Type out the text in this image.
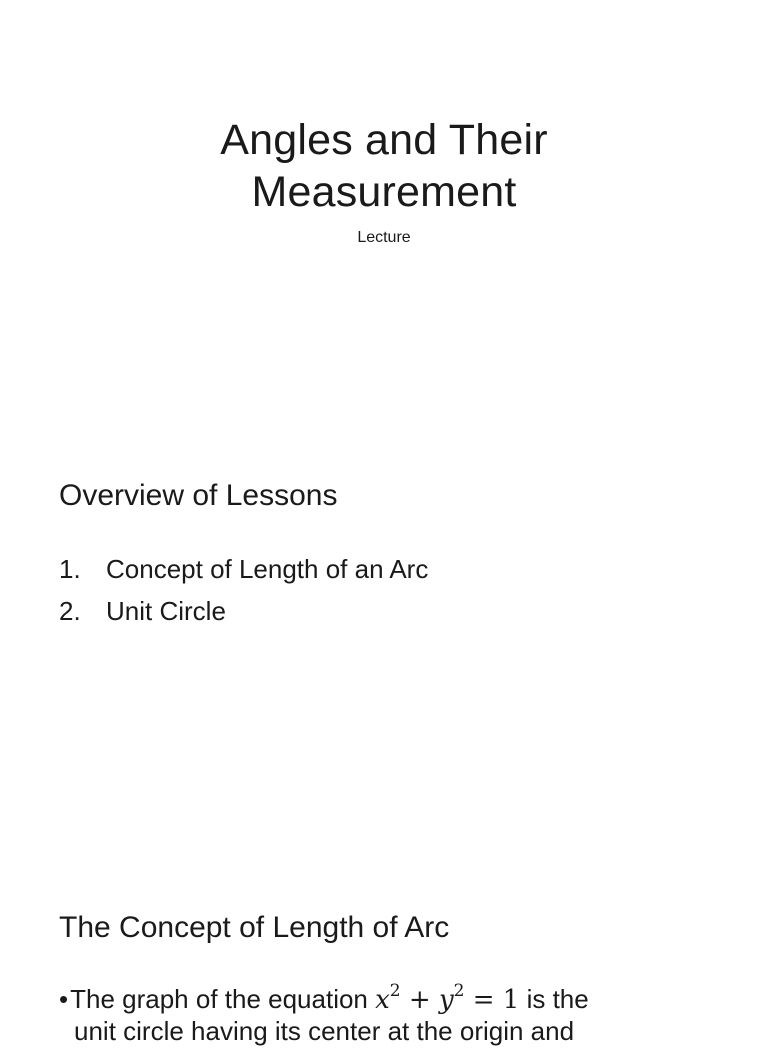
Angles and Their
Measurement

Lecture

Overview of Lessons
1. Concept of Length of an Arc
2. Unit Circle
The Concept of Length of Arc
•The graph of the equation $x^2 + y^2 = 1$ is the
unit circle having its center at the origin and
